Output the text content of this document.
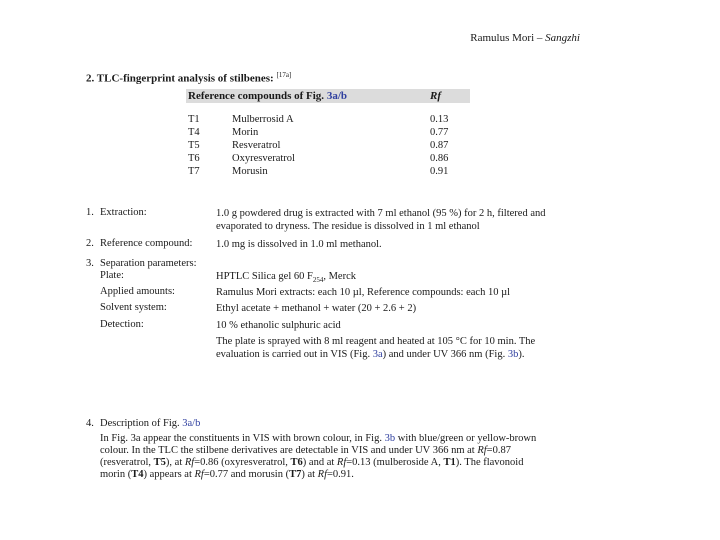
Ramulus Mori – Sangzhi
2. TLC-fingerprint analysis of stilbenes: [17a]
Reference compounds of Fig. 3a/b	Rf
T1	Mulberrosid A	0.13
T4	Morin	0.77
T5	Resveratrol	0.87
T6	Oxyresveratrol	0.86
T7	Morusin	0.91
1. Extraction:	1.0 g powdered drug is extracted with 7 ml ethanol (95 %) for 2 h, filtered and
evaporated to dryness. The residue is dissolved in 1 ml ethanol
2. Reference compound: 1.0 mg is dissolved in 1.0 ml methanol.
3. Separation parameters:
Plate:	HPTLC Silica gel 60 $F_{254}$, Merck
Applied amounts:	Ramulus Mori extracts: each 10 µl, Reference compounds: each 10 µl
Solvent system:	Ethyl acetate + methanol + water (20 + 2.6 + 2)
Detection:	10 % ethanolic sulphuric acid
The plate is sprayed with 8 ml reagent and heated at 105 °C for 10 min. The
evaluation is carried out in VIS (Fig. 3a) and under UV 366 nm (Fig. 3b).
4. Description of Fig. 3a/b
In Fig. 3a appear the constituents in VIS with brown colour, in Fig. 3b with blue/green or yellow-brown
colour. In the TLC the stilbene derivatives are detectable in VIS and under UV 366 nm at Rf=0.87
(resveratrol, T5), at Rf=0.86 (oxyresveratrol, T6) and at Rf=0.13 (mulberoside A, T1). The flavonoid
morin (T4) appears at Rf=0.77 and morusin (T7) at Rf=0.91.
